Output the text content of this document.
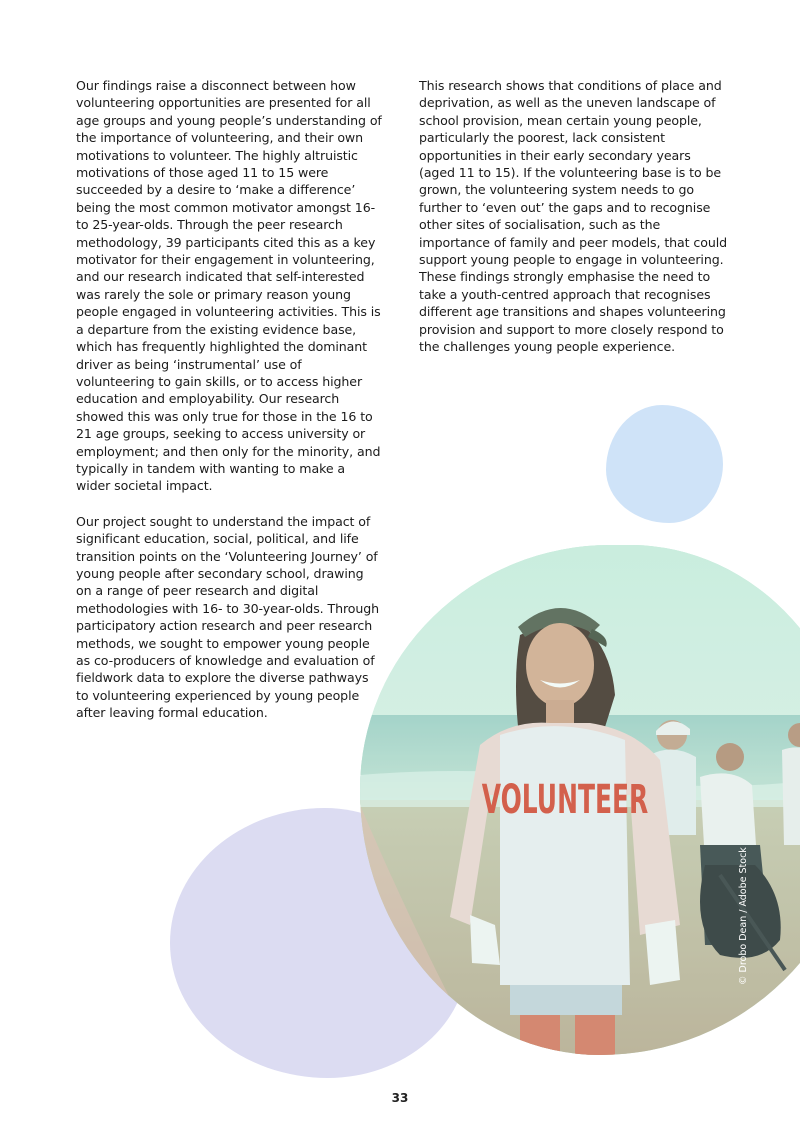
VOLUNTEER
© Drobo Dean / Adobe Stock

Our findings raise a disconnect between how volunteering opportunities are presented for all age groups and young people’s understanding of the importance of volunteering, and their own motivations to volunteer. The highly altruistic motivations of those aged 11 to 15 were succeeded by a desire to ‘make a difference’ being the most common motivator amongst 16- to 25-year-olds. Through the peer research methodology, 39 participants cited this as a key motivator for their engagement in volunteering, and our research indicated that self-interested was rarely the sole or primary reason young people engaged in volunteering activities. This is a departure from the existing evidence base, which has frequently highlighted the dominant driver as being ‘instrumental’ use of volunteering to gain skills, or to access higher education and employability. Our research showed this was only true for those in the 16 to 21 age groups, seeking to access university or employment; and then only for the minority, and typically in tandem with wanting to make a wider societal impact.

Our project sought to understand the impact of significant education, social, political, and life transition points on the ‘Volunteering Journey’ of young people after secondary school, drawing on a range of peer research and digital methodologies with 16- to 30-year-olds. Through participatory action research and peer research methods, we sought to empower young people as co-producers of knowledge and evaluation of fieldwork data to explore the diverse pathways to volunteering experienced by young people after leaving formal education.

This research shows that conditions of place and deprivation, as well as the uneven landscape of school provision, mean certain young people, particularly the poorest, lack consistent opportunities in their early secondary years (aged 11 to 15). If the volunteering base is to be grown, the volunteering system needs to go further to ‘even out’ the gaps and to recognise other sites of socialisation, such as the importance of family and peer models, that could support young people to engage in volunteering. These findings strongly emphasise the need to take a youth-centred approach that recognises different age transitions and shapes volunteering provision and support to more closely respond to the challenges young people experience.

33
